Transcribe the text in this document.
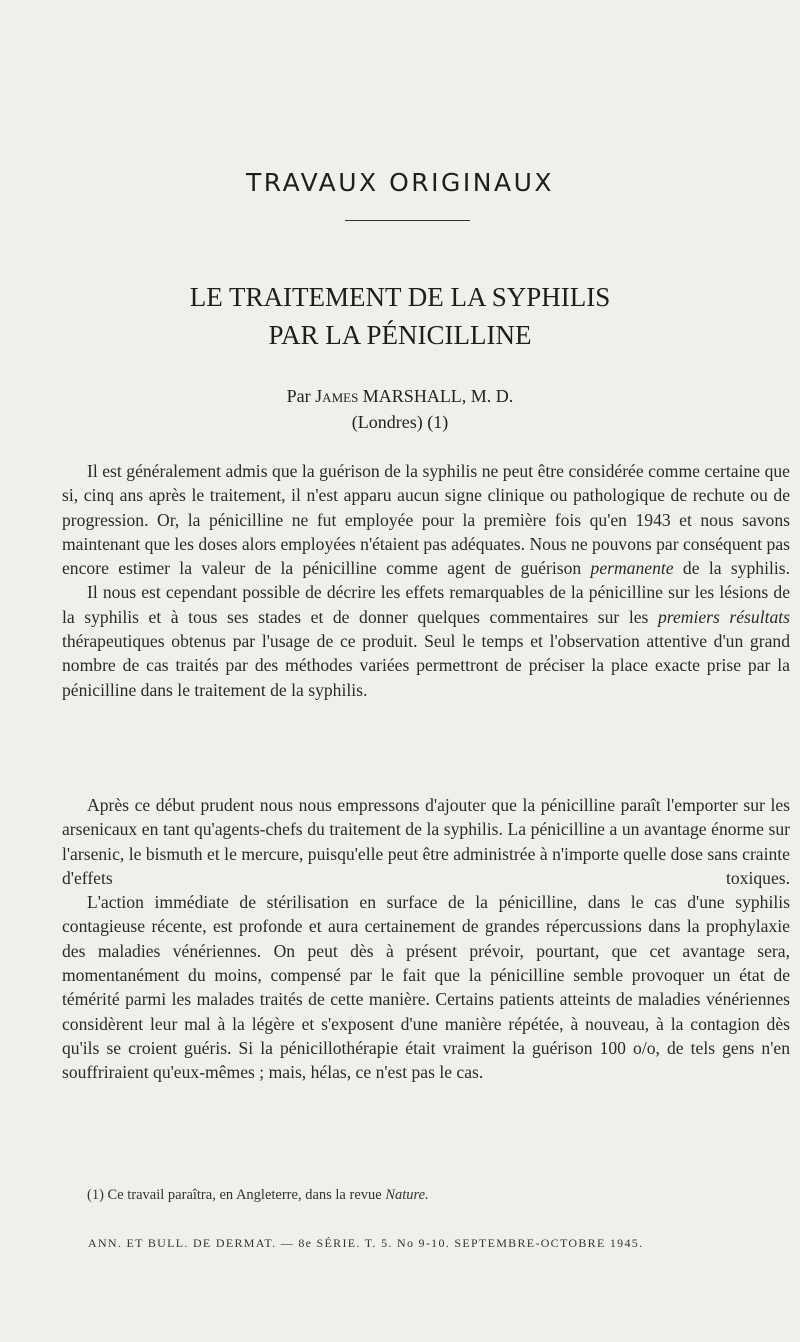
TRAVAUX ORIGINAUX
LE TRAITEMENT DE LA SYPHILIS
PAR LA PÉNICILLINE
Par James MARSHALL, M. D.
(Londres) (1)

Il est généralement admis que la guérison de la syphilis ne peut être considérée comme certaine que si, cinq ans après le traitement, il n'est apparu aucun signe clinique ou pathologique de rechute ou de progression. Or, la pénicilline ne fut employée pour la première fois qu'en 1943 et nous savons maintenant que les doses alors employées n'étaient pas adéquates. Nous ne pouvons par conséquent pas encore estimer la valeur de la pénicilline comme agent de guérison permanente de la syphilis.

Il nous est cependant possible de décrire les effets remarquables de la pénicilline sur les lésions de la syphilis et à tous ses stades et de donner quelques commentaires sur les premiers résultats thérapeutiques obtenus par l'usage de ce produit. Seul le temps et l'observation attentive d'un grand nombre de cas traités par des méthodes variées permettront de préciser la place exacte prise par la pénicilline dans le traitement de la syphilis.

Après ce début prudent nous nous empressons d'ajouter que la pénicilline paraît l'emporter sur les arsenicaux en tant qu'agents-chefs du traitement de la syphilis. La pénicilline a un avantage énorme sur l'arsenic, le bismuth et le mercure, puisqu'elle peut être administrée à n'importe quelle dose sans crainte d'effets toxiques.

L'action immédiate de stérilisation en surface de la pénicilline, dans le cas d'une syphilis contagieuse récente, est profonde et aura certainement de grandes répercussions dans la prophylaxie des maladies vénériennes. On peut dès à présent prévoir, pourtant, que cet avantage sera, momentanément du moins, compensé par le fait que la pénicilline semble provoquer un état de témérité parmi les malades traités de cette manière. Certains patients atteints de maladies vénériennes considèrent leur mal à la légère et s'exposent d'une manière répétée, à nouveau, à la contagion dès qu'ils se croient guéris. Si la pénicillothérapie était vraiment la guérison 100 o/o, de tels gens n'en souffriraient qu'eux-mêmes ; mais, hélas, ce n'est pas le cas.

(1) Ce travail paraîtra, en Angleterre, dans la revue Nature.
ANN. ET BULL. DE DERMAT. — 8e SÉRIE. T. 5. No 9-10. SEPTEMBRE-OCTOBRE 1945.
